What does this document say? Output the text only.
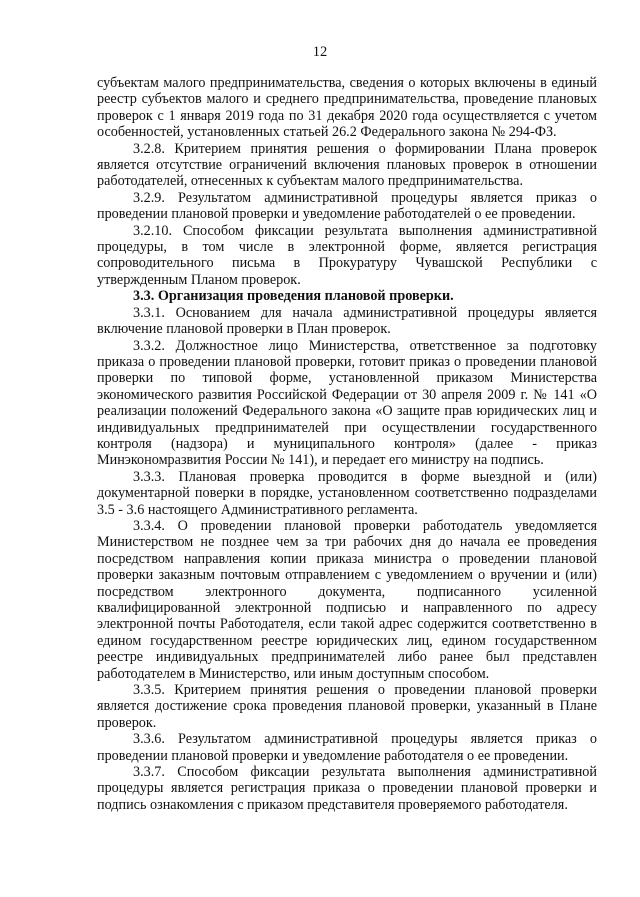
12

субъектам малого предпринимательства, сведения о которых включены в единый реестр субъектов малого и среднего предпринимательства, проведение плановых проверок с 1 января 2019 года по 31 декабря 2020 года осуществляется с учетом особенностей, установленных статьей 26.2 Федерального закона № 294-ФЗ.

3.2.8. Критерием принятия решения о формировании Плана проверок является отсутствие ограничений включения плановых проверок в отношении работодателей, отнесенных к субъектам малого предпринимательства.

3.2.9. Результатом административной процедуры является приказ о проведении плановой проверки и уведомление работодателей о ее проведении.

3.2.10. Способом фиксации результата выполнения административной процедуры, в том числе в электронной форме, является регистрация сопроводительного письма в Прокуратуру Чувашской Республики с утвержденным Планом проверок.

3.3. Организация проведения плановой проверки.

3.3.1. Основанием для начала административной процедуры является включение плановой проверки в План проверок.

3.3.2. Должностное лицо Министерства, ответственное за подготовку приказа о проведении плановой проверки, готовит приказ о проведении плановой проверки по типовой форме, установленной приказом Министерства экономического развития Российской Федерации от 30 апреля 2009 г. № 141 «О реализации положений Федерального закона «О защите прав юридических лиц и индивидуальных предпринимателей при осуществлении государственного контроля (надзора) и муниципального контроля» (далее - приказ Минэкономразвития России № 141), и передает его министру на подпись.

3.3.3. Плановая проверка проводится в форме выездной и (или) документарной поверки в порядке, установленном соответственно подразделами 3.5 - 3.6 настоящего Административного регламента.

3.3.4. О проведении плановой проверки работодатель уведомляется Министерством не позднее чем за три рабочих дня до начала ее проведения посредством направления копии приказа министра о проведении плановой проверки заказным почтовым отправлением с уведомлением о вручении и (или) посредством электронного документа, подписанного усиленной квалифицированной электронной подписью и направленного по адресу электронной почты Работодателя, если такой адрес содержится соответственно в едином государственном реестре юридических лиц, едином государственном реестре индивидуальных предпринимателей либо ранее был представлен работодателем в Министерство, или иным доступным способом.

3.3.5. Критерием принятия решения о проведении плановой проверки является достижение срока проведения плановой проверки, указанный в Плане проверок.

3.3.6. Результатом административной процедуры является приказ о проведении плановой проверки и уведомление работодателя о ее проведении.

3.3.7. Способом фиксации результата выполнения административной процедуры является регистрация приказа о проведении плановой проверки и подпись ознакомления с приказом представителя проверяемого работодателя.
